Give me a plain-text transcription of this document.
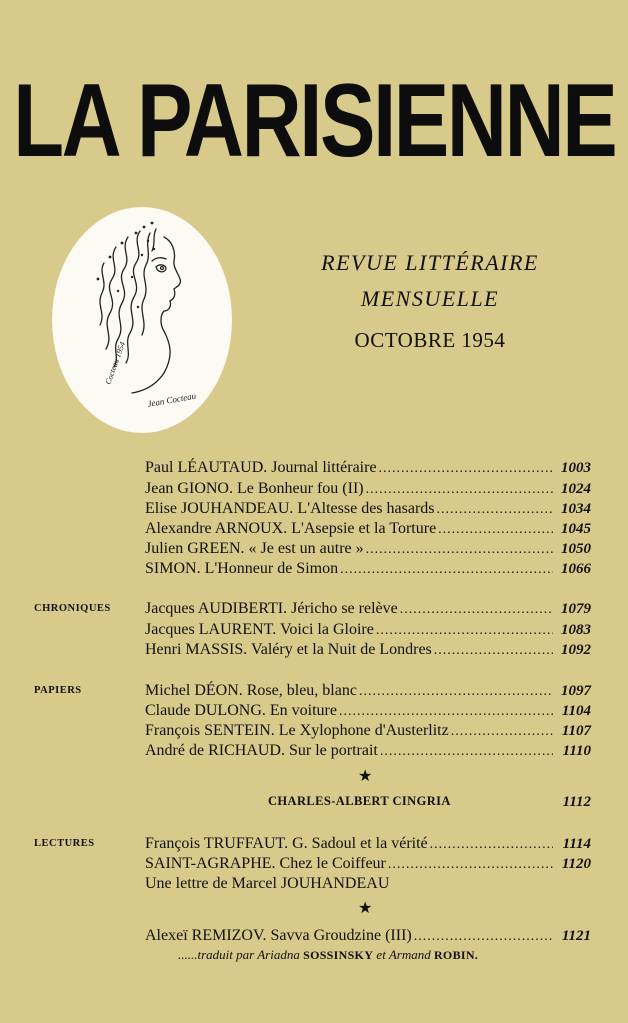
LA PARISIENNE
Cocteau 1954
Jean Cocteau
REVUE LITTÉRAIRE
MENSUELLE
OCTOBRE 1954
Paul LÉAUTAUD. Journal littéraire .....	1003
Jean GIONO. Le Bonheur fou (II) .....	1024
Elise JOUHANDEAU. L'Altesse des hasards .....	1034
Alexandre ARNOUX. L'Asepsie et la Torture .....	1045
Julien GREEN. « Je est un autre » .....	1050
SIMON. L'Honneur de Simon .....	1066
CHRONIQUES Jacques AUDIBERTI. Jéricho se relève .....	1079
Jacques LAURENT. Voici la Gloire .....	1083
Henri MASSIS. Valéry et la Nuit de Londres .....	1092
PAPIERS	Michel DÉON. Rose, bleu, blanc .....	1097
Claude DULONG. En voiture .....	1104
François SENTEIN. Le Xylophone d'Austerlitz .....	1107
André de RICHAUD. Sur le portrait .....	1110
★
CHARLES-ALBERT CINGRIA	1112
LECTURES	François TRUFFAUT. G. Sadoul et la vérité .....	1114
SAINT-AGRAPHE. Chez le Coiffeur .....	1120
Une lettre de Marcel JOUHANDEAU
★
Alexeï REMIZOV. Savva Groudzine (III) .....	1121
......traduit par Ariadna SOSSINSKY et Armand ROBIN.
